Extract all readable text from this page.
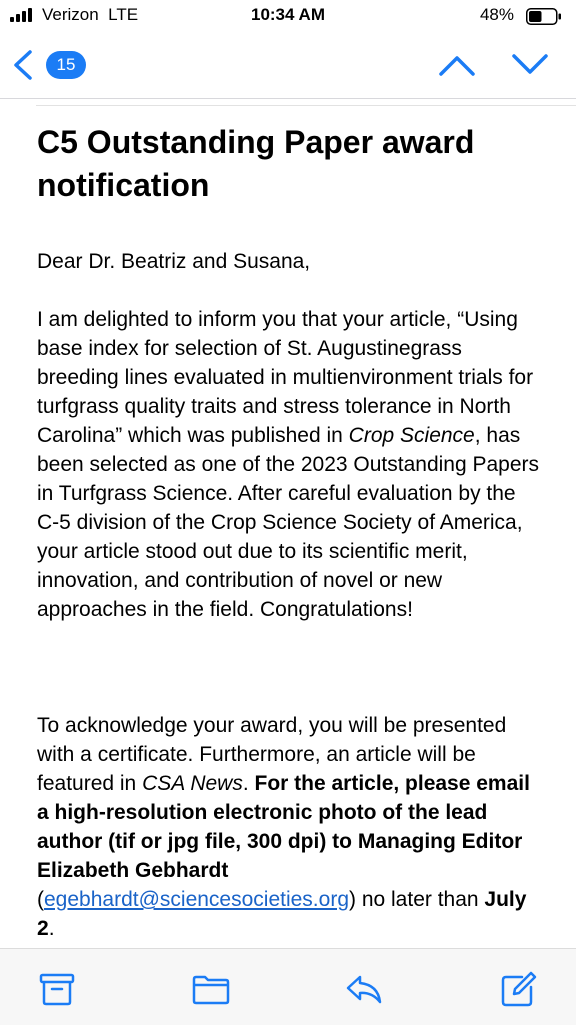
Verizon LTE	10:34 AM	48%
15
C5 Outstanding Paper award notification

Dear Dr. Beatriz and Susana,

I am delighted to inform you that your article, “Using base index for selection of St. Augustinegrass breeding lines evaluated in multienvironment trials for turfgrass quality traits and stress tolerance in North Carolina” which was published in Crop Science, has been selected as one of the 2023 Outstanding Papers in Turfgrass Science. After careful evaluation by the C-5 division of the Crop Science Society of America, your article stood out due to its scientific merit, innovation, and contribution of novel or new approaches in the field. Congratulations!

To acknowledge your award, you will be presented with a certificate. Furthermore, an article will be featured in CSA News. For the article, please email a high-resolution electronic photo of the lead author (tif or jpg file, 300 dpi) to Managing Editor Elizabeth Gebhardt (egebhardt@sciencesocieties.org) no later than July 2.
